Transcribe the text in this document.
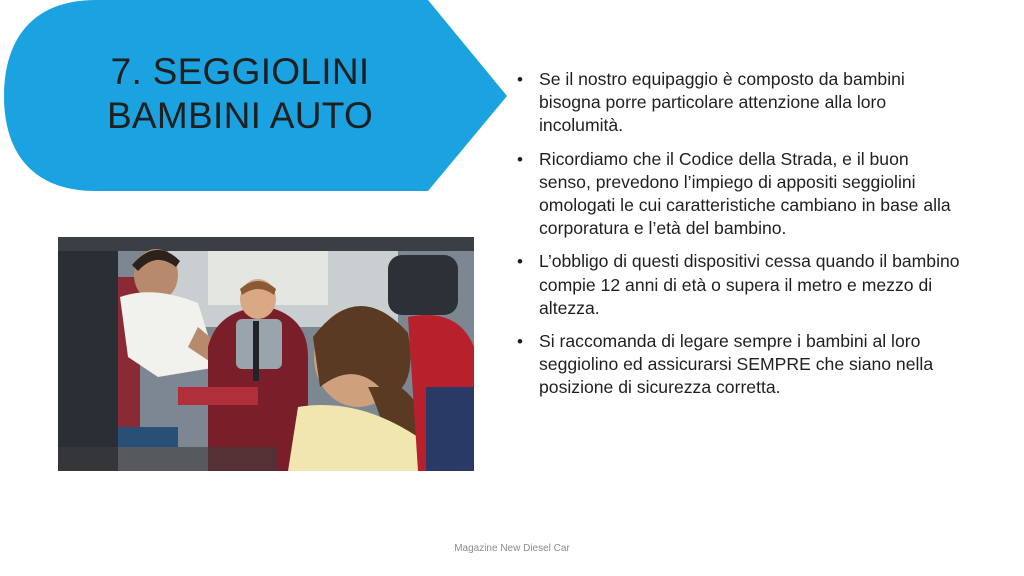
7. SEGGIOLINI
BAMBINI AUTO
• Se il nostro equipaggio è composto da bambini bisogna porre particolare attenzione alla loro incolumità.
• Ricordiamo che il Codice della Strada, e il buon senso, prevedono l’impiego di appositi seggiolini omologati le cui caratteristiche cambiano in base alla corporatura e l’età del bambino.
• L’obbligo di questi dispositivi cessa quando il bambino compie 12 anni di età o supera il metro e mezzo di altezza.
• Si raccomanda di legare sempre i bambini al loro seggiolino ed assicurarsi SEMPRE che siano nella posizione di sicurezza corretta.
Magazine New Diesel Car
